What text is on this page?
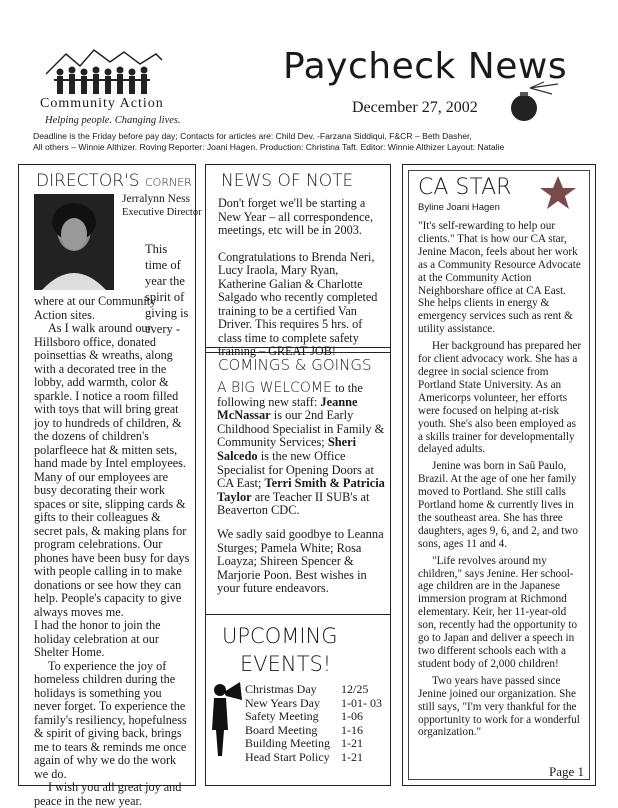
Community Action
Helping people. Changing lives.
Paycheck News
December 27, 2002
Deadline is the Friday before pay day; Contacts for articles are: Child Dev. -Farzana Siddiqui, F&CR – Beth Dasher,
All others – Winnie Althizer. Roving Reporter: Joani Hagen. Production: Christina Taft. Editor: Winnie Althizer Layout: Natalie
DIRECTOR'S CORNER
Jerralynn Ness
Executive Director
This time of year the spirit of giving is every -

where at our Community Action sites.

As I walk around our Hillsboro office, donated poinsettias & wreaths, along with a decorated tree in the lobby, add warmth, color & sparkle. I notice a room filled with toys that will bring great joy to hundreds of children, & the dozens of children's polarfleece hat & mitten sets, hand made by Intel employees. Many of our employees are busy decorating their work spaces or site, slipping cards & gifts to their colleagues & secret pals, & making plans for program celebrations. Our phones have been busy for days with people calling in to make donations or see how they can help. People's capacity to give always moves me.

I had the honor to join the holiday celebration at our Shelter Home.

To experience the joy of homeless children during the holidays is something you never forget. To experience the family's resiliency, hopefulness & spirit of giving back, brings me to tears & reminds me once again of why we do the work we do.

I wish you all great joy and peace in the new year.

NEWS OF NOTE

Don't forget we'll be starting a New Year – all correspondence, meetings, etc will be in 2003.

Congratulations to Brenda Neri, Lucy Iraola, Mary Ryan, Katherine Galian & Charlotte Salgado who recently completed training to be a certified Van Driver. This requires 5 hrs. of class time to complete safety training – GREAT JOB!

COMINGS & GOINGS

A BIG WELCOME to the following new staff: Jeanne McNassar is our 2nd Early Childhood Specialist in Family & Community Services; Sheri Salcedo is the new Office Specialist for Opening Doors at CA East; Terri Smith & Patricia Taylor are Teacher II SUB's at Beaverton CDC.

We sadly said goodbye to Leanna Sturges; Pamela White; Rosa Loayza; Shireen Spencer & Marjorie Poon. Best wishes in your future endeavors.

UPCOMING
EVENTS!
Christmas Day	12/25
New Years Day	1-01- 03
Safety Meeting	1-06
Board Meeting	1-16
Building Meeting 1-21
Head Start Policy 1-21
CA STAR
Byline Joani Hagen

"It's self-rewarding to help our clients." That is how our CA star, Jenine Macon, feels about her work as a Community Resource Advocate at the Community Action Neighborshare office at CA East. She helps clients in energy & emergency services such as rent & utility assistance.

Her background has prepared her for client advocacy work. She has a degree in social science from Portland State University. As an Americorps volunteer, her efforts were focused on helping at-risk youth. She's also been employed as a skills trainer for developmentally delayed adults.

Jenine was born in Saû Paulo, Brazil. At the age of one her family moved to Portland. She still calls Portland home & currently lives in the southeast area. She has three daughters, ages 9, 6, and 2, and two sons, ages 11 and 4.

"Life revolves around my children," says Jenine. Her school-age children are in the Japanese immersion program at Richmond elementary. Keir, her 11-year-old son, recently had the opportunity to go to Japan and deliver a speech in two different schools each with a student body of 2,000 children!

Two years have passed since Jenine joined our organization. She still says, "I'm very thankful for the opportunity to work for a wonderful organization."

Page 1
